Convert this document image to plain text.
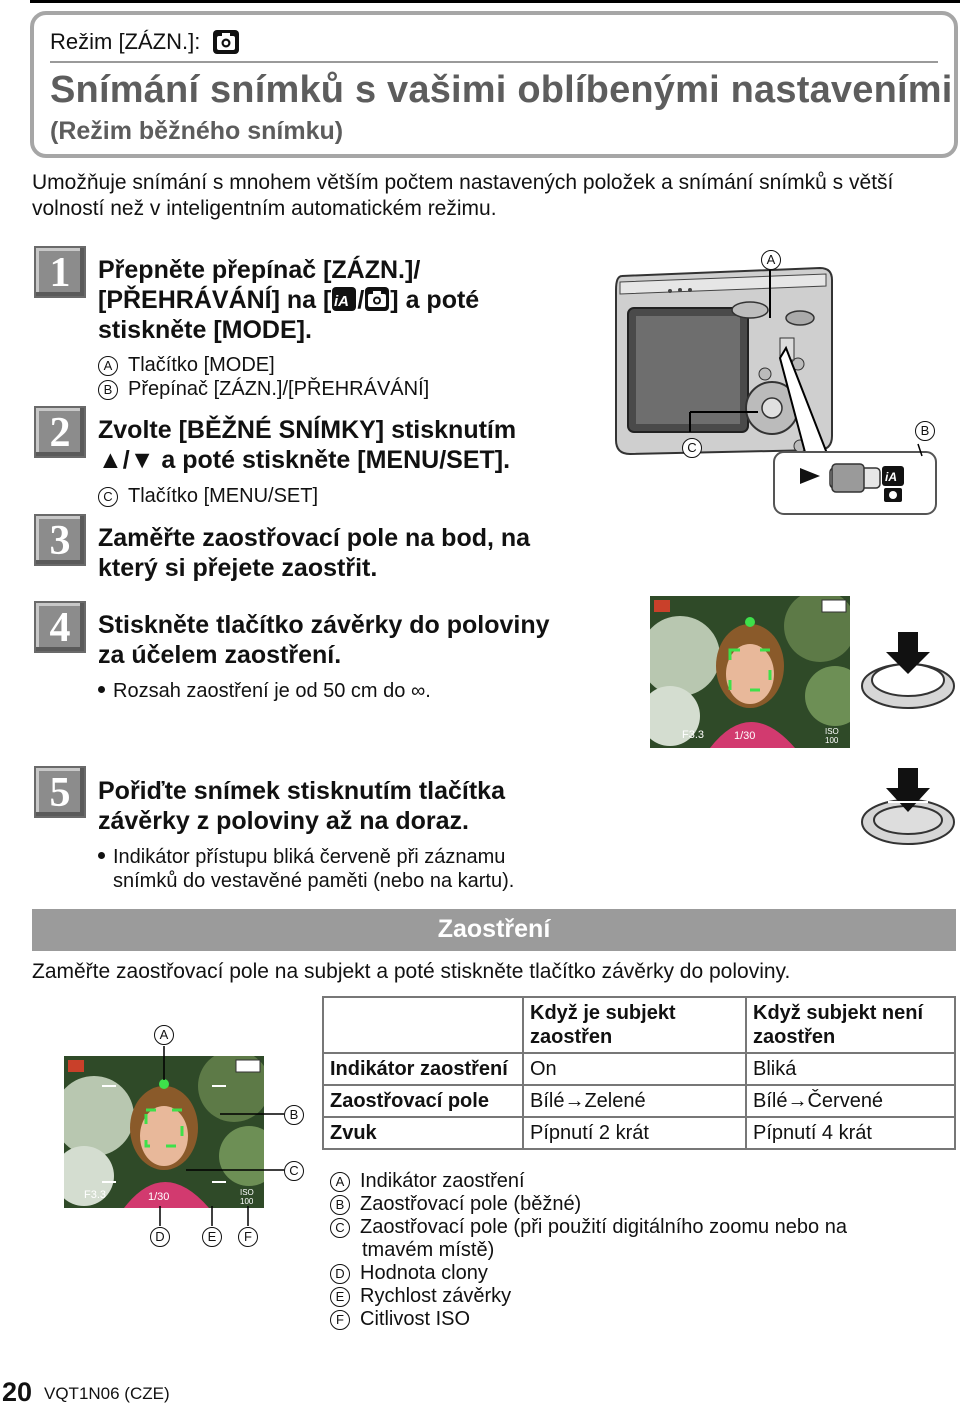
Režim [ZÁZN.]:
Snímání snímků s vašimi oblíbenými nastaveními
(Režim běžného snímku)
Umožňuje snímání s mnohem větším počtem nastavených položek a snímání snímků s větší volností než v inteligentním automatickém režimu.
1	Přepněte přepínač [ZÁZN.]/
[PŘEHRÁVÁNÍ] na [ iA / ] a poté
stiskněte [MODE].
A Tlačítko [MODE]
B Přepínač [ZÁZN.]/[PŘEHRÁVÁNÍ]
2	Zvolte [BĚŽNÉ SNÍMKY] stisknutím
▲/▼ a poté stiskněte [MENU/SET].
C Tlačítko [MENU/SET]
3	Zaměřte zaostřovací pole na bod, na
který si přejete zaostřit.
4	Stiskněte tlačítko závěrky do poloviny
za účelem zaostření.
Rozsah zaostření je od 50 cm do ∞.
5	Pořiďte snímek stisknutím tlačítka
závěrky z poloviny až na doraz.
Indikátor přístupu bliká červeně při záznamu
snímků do vestavěné paměti (nebo na kartu).
iA
A
C
B
1/30
F3.3	ISO
100
Zaostření
Zaměřte zaostřovací pole na subjekt a poté stiskněte tlačítko závěrky do poloviny.
1/30
F3.3	ISO
100
A
B
C
D	E	F
	Když je subjekt zaostřen	Když subjekt není zaostřen
Indikátor zaostření	On	Bliká
Zaostřovací pole	Bílé→Zelené	Bílé→Červené
Zvuk	Pípnutí 2 krát	Pípnutí 4 krát
A Indikátor zaostření
B Zaostřovací pole (běžné)
C Zaostřovací pole (při použití digitálního zoomu nebo na
tmavém místě)
D Hodnota clony
E Rychlost závěrky
F Citlivost ISO
20 VQT1N06 (CZE)
